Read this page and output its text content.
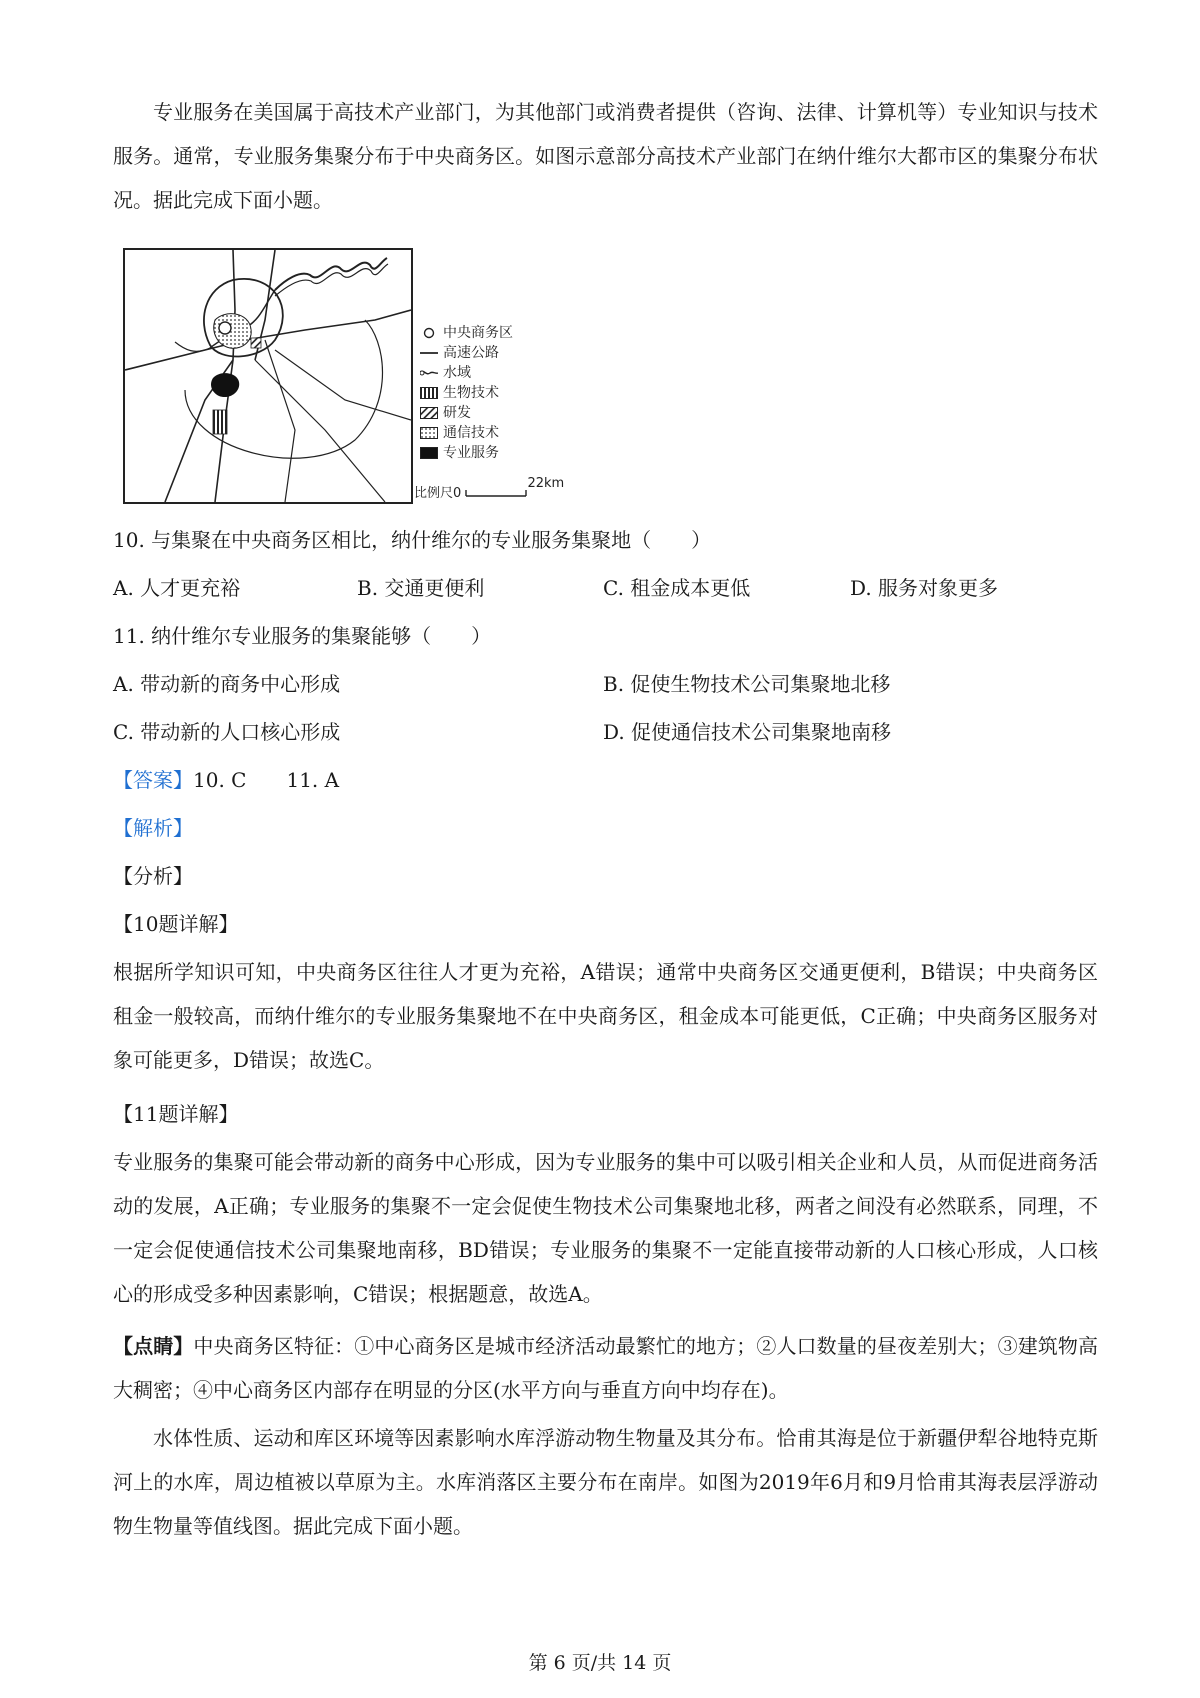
专业服务在美国属于高技术产业部门，为其他部门或消费者提供（咨询、法律、计算机等）专业知识与技术服务。通常，专业服务集聚分布于中央商务区。如图示意部分高技术产业部门在纳什维尔大都市区的集聚分布状况。据此完成下面小题。

中央商务区
高速公路
水域
生物技术
研发
通信技术
专业服务
比例尺0 22km
10. 与集聚在中央商务区相比，纳什维尔的专业服务集聚地（　　）
A. 人才更充裕	B. 交通更便利	C. 租金成本更低	D. 服务对象更多
11. 纳什维尔专业服务的集聚能够（　　）
A. 带动新的商务中心形成	B. 促使生物技术公司集聚地北移
C. 带动新的人口核心形成	D. 促使通信技术公司集聚地南移
【答案】10. C　　11. A
【解析】
【分析】
【10题详解】

根据所学知识可知，中央商务区往往人才更为充裕，A错误；通常中央商务区交通更便利，B错误；中央商务区租金一般较高，而纳什维尔的专业服务集聚地不在中央商务区，租金成本可能更低，C正确；中央商务区服务对象可能更多，D错误；故选C。

【11题详解】

专业服务的集聚可能会带动新的商务中心形成，因为专业服务的集中可以吸引相关企业和人员，从而促进商务活动的发展，A正确；专业服务的集聚不一定会促使生物技术公司集聚地北移，两者之间没有必然联系，同理，不一定会促使通信技术公司集聚地南移，BD错误；专业服务的集聚不一定能直接带动新的人口核心形成，人口核心的形成受多种因素影响，C错误；根据题意，故选A。

【点睛】中央商务区特征：①中心商务区是城市经济活动最繁忙的地方；②人口数量的昼夜差别大；③建筑物高大稠密；④中心商务区内部存在明显的分区(水平方向与垂直方向中均存在)。

水体性质、运动和库区环境等因素影响水库浮游动物生物量及其分布。恰甫其海是位于新疆伊犁谷地特克斯河上的水库，周边植被以草原为主。水库消落区主要分布在南岸。如图为2019年6月和9月恰甫其海表层浮游动物生物量等值线图。据此完成下面小题。

第 6 页/共 14 页
